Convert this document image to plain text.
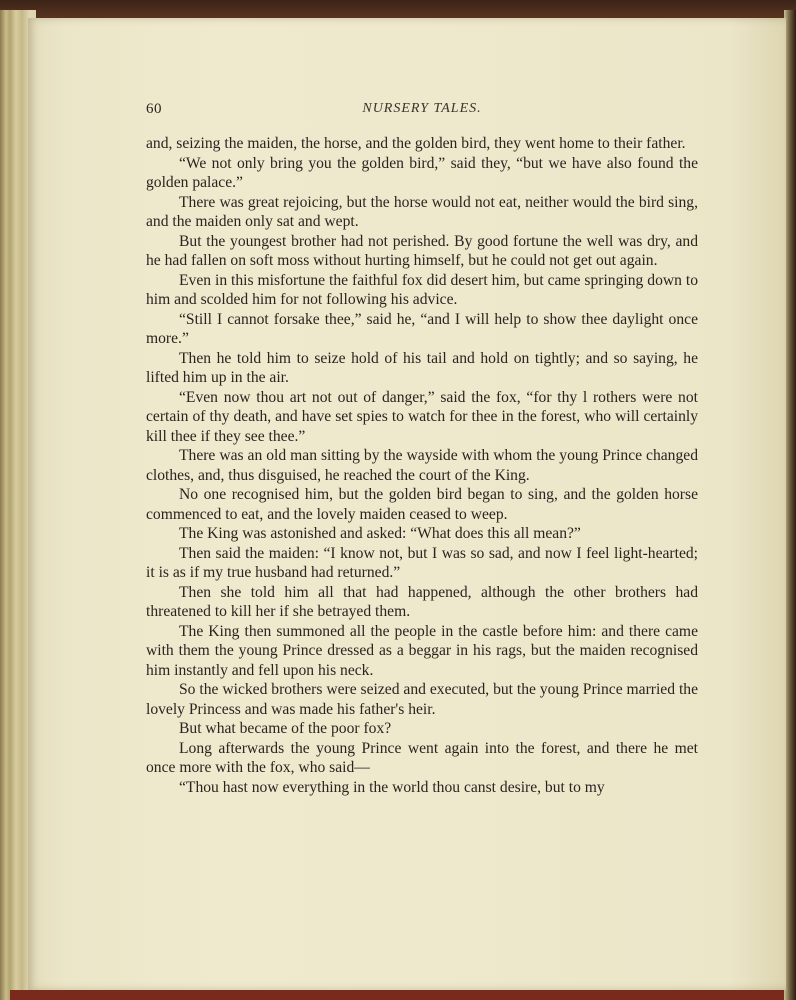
60	NURSERY TALES.

and, seizing the maiden, the horse, and the golden bird, they went home to their father.

“We not only bring you the golden bird,” said they, “but we have also found the golden palace.”

There was great rejoicing, but the horse would not eat, neither would the bird sing, and the maiden only sat and wept.

But the youngest brother had not perished. By good fortune the well was dry, and he had fallen on soft moss without hurting himself, but he could not get out again.

Even in this misfortune the faithful fox did desert him, but came springing down to him and scolded him for not following his advice.

“Still I cannot forsake thee,” said he, “and I will help to show thee daylight once more.”

Then he told him to seize hold of his tail and hold on tightly; and so saying, he lifted him up in the air.

“Even now thou art not out of danger,” said the fox, “for thy l rothers were not certain of thy death, and have set spies to watch for thee in the forest, who will certainly kill thee if they see thee.”

There was an old man sitting by the wayside with whom the young Prince changed clothes, and, thus disguised, he reached the court of the King.

No one recognised him, but the golden bird began to sing, and the golden horse commenced to eat, and the lovely maiden ceased to weep.

The King was astonished and asked: “What does this all mean?”

Then said the maiden: “I know not, but I was so sad, and now I feel light-hearted; it is as if my true husband had returned.”

Then she told him all that had happened, although the other brothers had threatened to kill her if she betrayed them.

The King then summoned all the people in the castle before him: and there came with them the young Prince dressed as a beggar in his rags, but the maiden recognised him instantly and fell upon his neck.

So the wicked brothers were seized and executed, but the young Prince married the lovely Princess and was made his father's heir.

But what became of the poor fox?

Long afterwards the young Prince went again into the forest, and there he met once more with the fox, who said—

“Thou hast now everything in the world thou canst desire, but to my
